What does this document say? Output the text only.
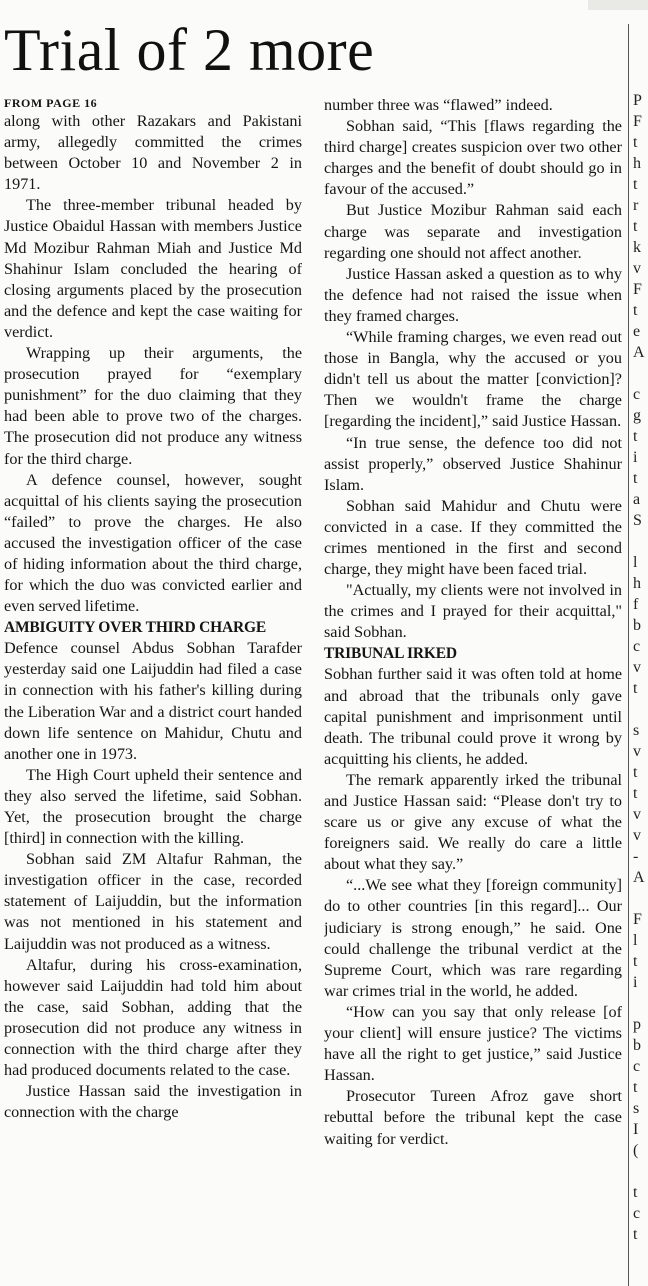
Trial of 2 more
FROM PAGE 16

along with other Razakars and Pakistani army, allegedly committed the crimes between October 10 and November 2 in 1971.

The three-member tribunal headed by Justice Obaidul Hassan with members Justice Md Mozibur Rahman Miah and Justice Md Shahinur Islam concluded the hearing of closing arguments placed by the prosecution and the defence and kept the case waiting for verdict.

Wrapping up their arguments, the prosecution prayed for “exemplary punishment” for the duo claiming that they had been able to prove two of the charges. The prosecution did not produce any witness for the third charge.

A defence counsel, however, sought acquittal of his clients saying the prosecution “failed” to prove the charges. He also accused the investigation officer of the case of hiding information about the third charge, for which the duo was convicted earlier and even served lifetime.

AMBIGUITY OVER THIRD CHARGE

Defence counsel Abdus Sobhan Tarafder yesterday said one Laijuddin had filed a case in connection with his father's killing during the Liberation War and a district court handed down life sentence on Mahidur, Chutu and another one in 1973.

The High Court upheld their sentence and they also served the lifetime, said Sobhan. Yet, the prosecution brought the charge [third] in connection with the killing.

Sobhan said ZM Altafur Rahman, the investigation officer in the case, recorded statement of Laijuddin, but the information was not mentioned in his statement and Laijuddin was not produced as a witness.

Altafur, during his cross-examination, however said Laijuddin had told him about the case, said Sobhan, adding that the prosecution did not produce any witness in connection with the third charge after they had produced documents related to the case.

Justice Hassan said the investigation in connection with the charge

number three was “flawed” indeed.

Sobhan said, “This [flaws regarding the third charge] creates suspicion over two other charges and the benefit of doubt should go in favour of the accused.”

But Justice Mozibur Rahman said each charge was separate and investigation regarding one should not affect another.

Justice Hassan asked a question as to why the defence had not raised the issue when they framed charges.

“While framing charges, we even read out those in Bangla, why the accused or you didn't tell us about the matter [conviction]? Then we wouldn't frame the charge [regarding the incident],” said Justice Hassan.

“In true sense, the defence too did not assist properly,” observed Justice Shahinur Islam.

Sobhan said Mahidur and Chutu were convicted in a case. If they committed the crimes mentioned in the first and second charge, they might have been faced trial.

"Actually, my clients were not involved in the crimes and I prayed for their acquittal," said Sobhan.

TRIBUNAL IRKED

Sobhan further said it was often told at home and abroad that the tribunals only gave capital punishment and imprisonment until death. The tribunal could prove it wrong by acquitting his clients, he added.

The remark apparently irked the tribunal and Justice Hassan said: “Please don't try to scare us or give any excuse of what the foreigners said. We really do care a little about what they say.”

“...We see what they [foreign community] do to other countries [in this regard]... Our judiciary is strong enough,” he said. One could challenge the tribunal verdict at the Supreme Court, which was rare regarding war crimes trial in the world, he added.

“How can you say that only release [of your client] will ensure justice? The victims have all the right to get justice,” said Justice Hassan.

Prosecutor Tureen Afroz gave short rebuttal before the tribunal kept the case waiting for verdict.

P
F
t
h
t
r
t
k
v
F
t
e
A
c
g
t
i
t
a
S
l
h
f
b
c
v
t
s
v
t
t
v
v
-
A
F
l
t
i
p
b
c
t
s
I
(
t
c
t
